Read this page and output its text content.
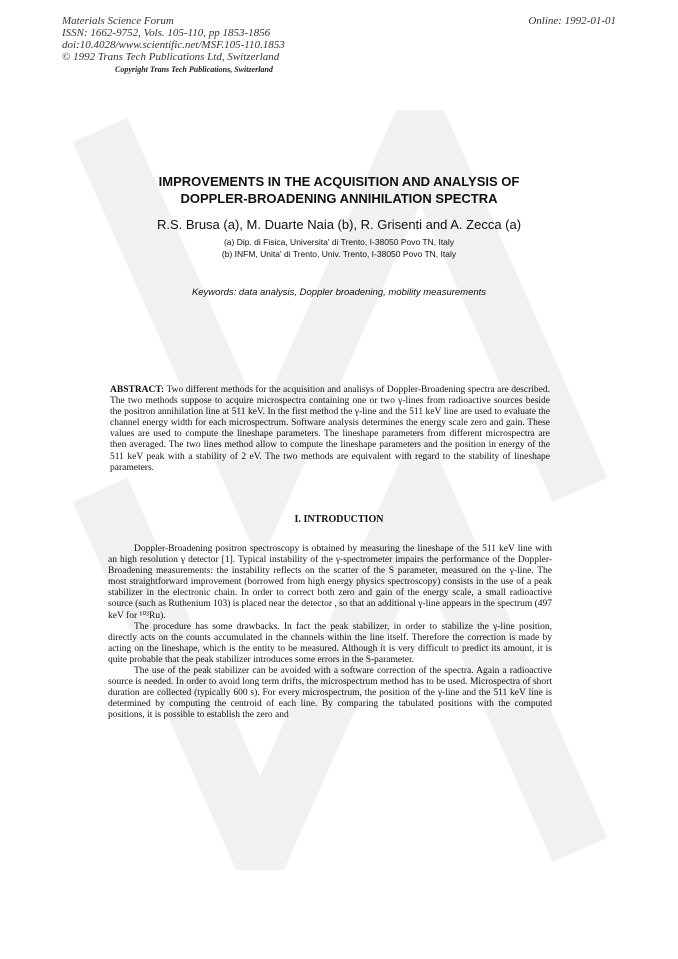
Materials Science Forum
ISSN: 1662-9752, Vols. 105-110, pp 1853-1856
doi:10.4028/www.scientific.net/MSF.105-110.1853
© 1992 Trans Tech Publications Ltd, Switzerland
Online: 1992-01-01
Copyright Trans Tech Publications, Switzerland
IMPROVEMENTS IN THE ACQUISITION AND ANALYSIS OF
DOPPLER-BROADENING ANNIHILATION SPECTRA
R.S. Brusa (a), M. Duarte Naia (b), R. Grisenti and A. Zecca (a)
(a) Dip. di Fisica, Universita' di Trento, I-38050 Povo TN, Italy
(b) INFM, Unita' di Trento, Univ. Trento, I-38050 Povo TN, Italy
Keywords: data analysis, Doppler broadening, mobility measurements
ABSTRACT: Two different methods for the acquisition and analisys of Doppler-Broadening spectra are described. The two methods suppose to acquire microspectra containing one or two γ-lines from radioactive sources beside the positron annihilation line at 511 keV. In the first method the γ-line and the 511 keV line are used to evaluate the channel energy width for each microspectrum. Software analysis determines the energy scale zero and gain. These values are used to compute the lineshape parameters. The lineshape parameters from different microspectra are then averaged. The two lines method allow to compute the lineshape parameters and the position in energy of the 511 keV peak with a stability of 2 eV. The two methods are equivalent with regard to the stability of lineshape parameters.
I. INTRODUCTION

Doppler-Broadening positron spectroscopy is obtained by measuring the lineshape of the 511 keV line with an high resolution γ detector [1]. Typical instability of the γ-spectrometer impairs the performance of the Doppler-Broadening measurements: the instability reflects on the scatter of the S parameter, measured on the γ-line. The most straightforward improvement (borrowed from high energy physics spectroscopy) consists in the use of a peak stabilizer in the electronic chain. In order to correct both zero and gain of the energy scale, a small radioactive source (such as Ruthenium 103) is placed near the detector , so that an additional γ-line appears in the spectrum (497 keV for ¹⁰³Ru).

The procedure has some drawbacks. In fact the peak stabilizer, in order to stabilize the γ-line position, directly acts on the counts accumulated in the channels within the line itself. Therefore the correction is made by acting on the lineshape, which is the entity to be measured. Although it is very difficult to predict its amount, it is quite probable that the peak stabilizer introduces some errors in the S-parameter.

The use of the peak stabilizer can be avoided with a software correction of the spectra. Again a radioactive source is needed. In order to avoid long term drifts, the microspectrum method has to be used. Microspectra of short duration are collected (typically 600 s). For every microspectrum, the position of the γ-line and the 511 keV line is determined by computing the centroid of each line. By comparing the tabulated positions with the computed positions, it is possible to establish the zero and
